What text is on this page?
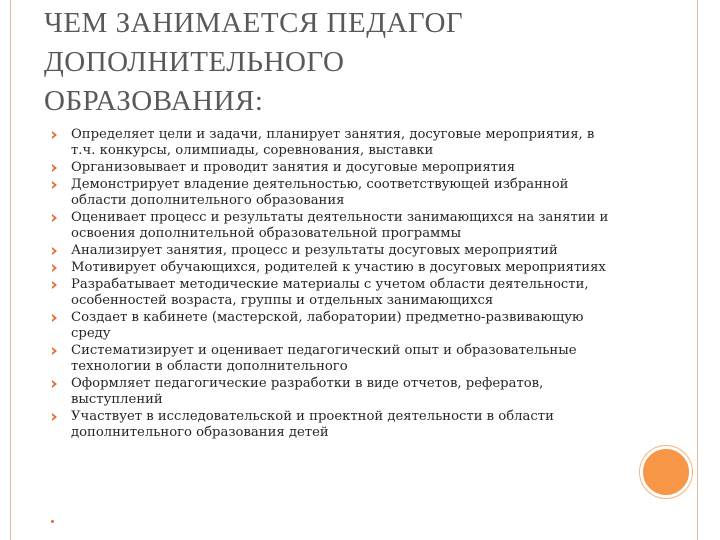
ЧЕМ ЗАНИМАЕТСЯ ПЕДАГОГ ДОПОЛНИТЕЛЬНОГО ОБРАЗОВАНИЯ:
Определяет цели и задачи, планирует занятия, досуговые мероприятия, в т.ч. конкурсы, олимпиады, соревнования, выставки
Организовывает и проводит занятия и досуговые мероприятия
Демонстрирует владение деятельностью, соответствующей избранной области дополнительного образования
Оценивает процесс и результаты деятельности занимающихся на занятии и освоения дополнительной образовательной программы
Анализирует занятия, процесс и результаты досуговых мероприятий
Мотивирует обучающихся, родителей к участию в досуговых мероприятиях
Разрабатывает методические материалы с учетом области деятельности, особенностей возраста, группы и отдельных занимающихся
Создает в кабинете (мастерской, лаборатории) предметно-развивающую среду
Систематизирует и оценивает педагогический опыт и образовательные технологии в области дополнительного
Оформляет педагогические разработки в виде отчетов, рефератов, выступлений
Участвует в исследовательской и проектной деятельности в области дополнительного образования детей
